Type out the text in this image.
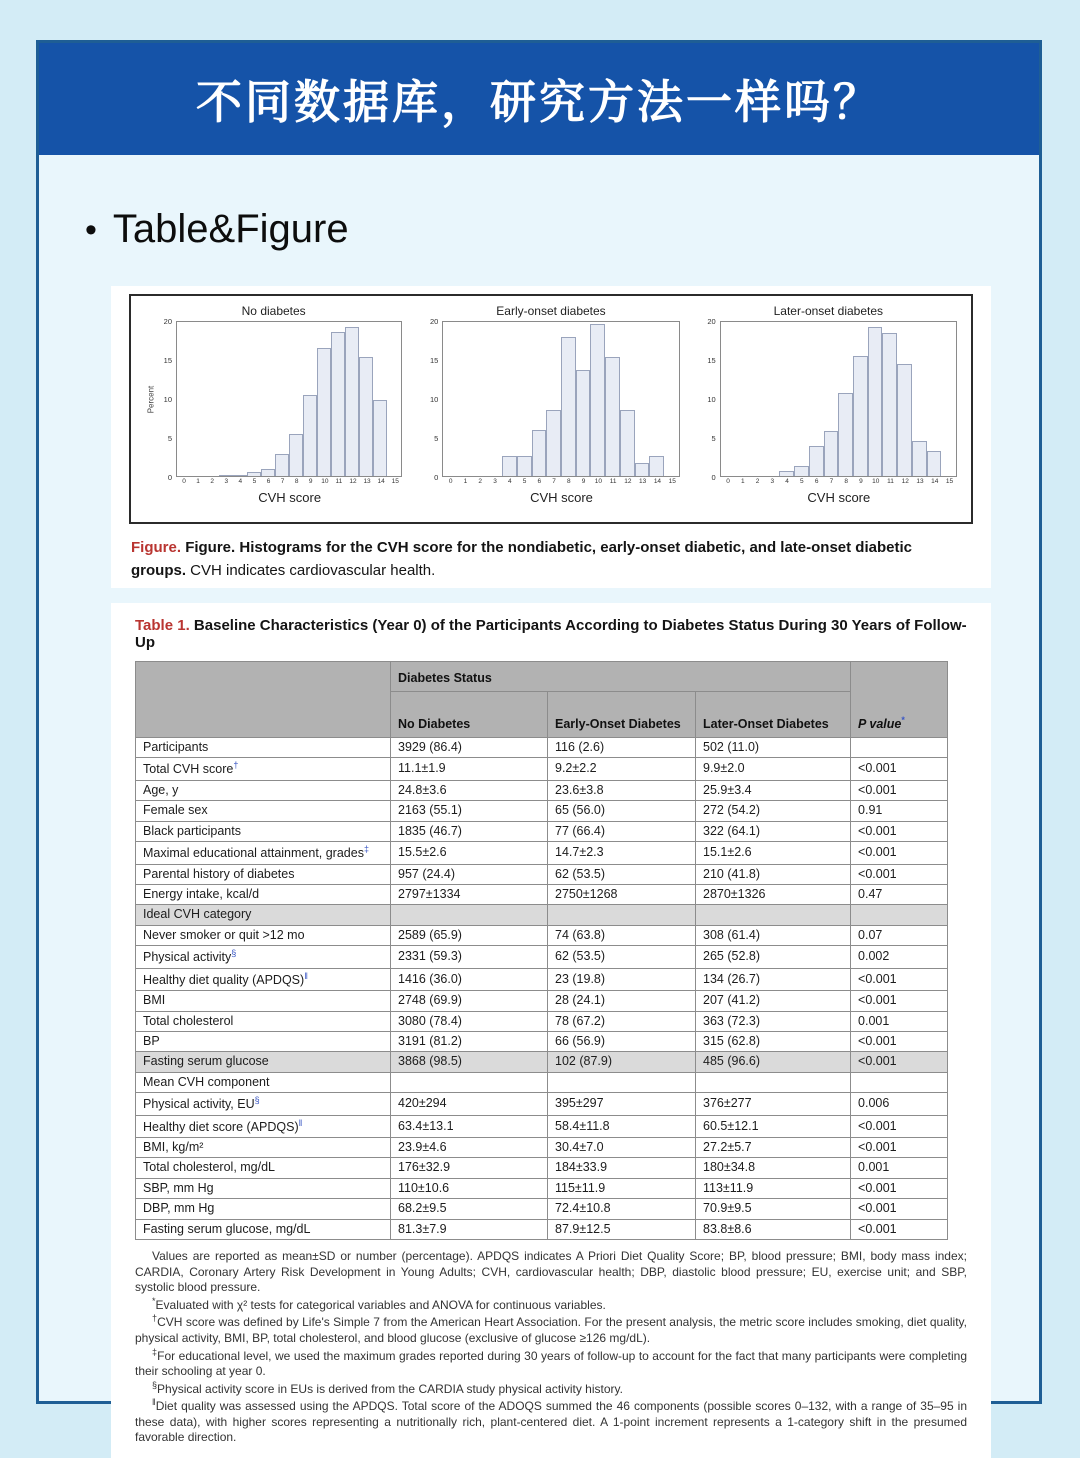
不同数据库，研究方法一样吗？
• Table&Figure
No diabetes
Percent
0
5
10
15
20
0	1	2	3	4	5	6	7	8	9	10	11	12	13	14	15
CVH score
Early-onset diabetes
0
5
10
15
20
0	1	2	3	4	5	6	7	8	9	10	11	12	13	14	15
CVH score
Later-onset diabetes
0
5
10
15
20
0	1	2	3	4	5	6	7	8	9	10	11	12	13	14	15
CVH score

Figure. Figure. Histograms for the CVH score for the nondiabetic, early-onset diabetic, and late-onset diabetic groups. CVH indicates cardiovascular health.

Table 1. Baseline Characteristics (Year 0) of the Participants According to Diabetes Status During 30 Years of Follow-Up
	Diabetes Status			P value*
	No Diabetes	Early-Onset Diabetes	Later-Onset Diabetes	
Participants	3929 (86.4)	116 (2.6)	502 (11.0)	
Total CVH score†	11.1±1.9	9.2±2.2	9.9±2.0	<0.001
Age, y	24.8±3.6	23.6±3.8	25.9±3.4	<0.001
Female sex	2163 (55.1)	65 (56.0)	272 (54.2)	0.91
Black participants	1835 (46.7)	77 (66.4)	322 (64.1)	<0.001
Maximal educational attainment, grades‡	15.5±2.6	14.7±2.3	15.1±2.6	<0.001
Parental history of diabetes	957 (24.4)	62 (53.5)	210 (41.8)	<0.001
Energy intake, kcal/d	2797±1334	2750±1268	2870±1326	0.47
Ideal CVH category				
Never smoker or quit >12 mo	2589 (65.9)	74 (63.8)	308 (61.4)	0.07
Physical activity§	2331 (59.3)	62 (53.5)	265 (52.8)	0.002
Healthy diet quality (APDQS)‖	1416 (36.0)	23 (19.8)	134 (26.7)	<0.001
BMI	2748 (69.9)	28 (24.1)	207 (41.2)	<0.001
Total cholesterol	3080 (78.4)	78 (67.2)	363 (72.3)	0.001
BP	3191 (81.2)	66 (56.9)	315 (62.8)	<0.001
Fasting serum glucose	3868 (98.5)	102 (87.9)	485 (96.6)	<0.001
Mean CVH component				
Physical activity, EU§	420±294	395±297	376±277	0.006
Healthy diet score (APDQS)‖	63.4±13.1	58.4±11.8	60.5±12.1	<0.001
BMI, kg/m²	23.9±4.6	30.4±7.0	27.2±5.7	<0.001
Total cholesterol, mg/dL	176±32.9	184±33.9	180±34.8	0.001
SBP, mm Hg	110±10.6	115±11.9	113±11.9	<0.001
DBP, mm Hg	68.2±9.5	72.4±10.8	70.9±9.5	<0.001
Fasting serum glucose, mg/dL	81.3±7.9	87.9±12.5	83.8±8.6	<0.001

Values are reported as mean±SD or number (percentage). APDQS indicates A Priori Diet Quality Score; BP, blood pressure; BMI, body mass index; CARDIA, Coronary Artery Risk Development in Young Adults; CVH, cardiovascular health; DBP, diastolic blood pressure; EU, exercise unit; and SBP, systolic blood pressure.

*Evaluated with χ² tests for categorical variables and ANOVA for continuous variables.

†CVH score was defined by Life's Simple 7 from the American Heart Association. For the present analysis, the metric score includes smoking, diet quality, physical activity, BMI, BP, total cholesterol, and blood glucose (exclusive of glucose ≥126 mg/dL).

‡For educational level, we used the maximum grades reported during 30 years of follow-up to account for the fact that many participants were completing their schooling at year 0.

§Physical activity score in EUs is derived from the CARDIA study physical activity history.

‖Diet quality was assessed using the APDQS. Total score of the ADOQS summed the 46 components (possible scores 0–132, with a range of 35–95 in these data), with higher scores representing a nutritionally rich, plant-centered diet. A 1-point increment represents a 1-category shift in the presumed favorable direction.
